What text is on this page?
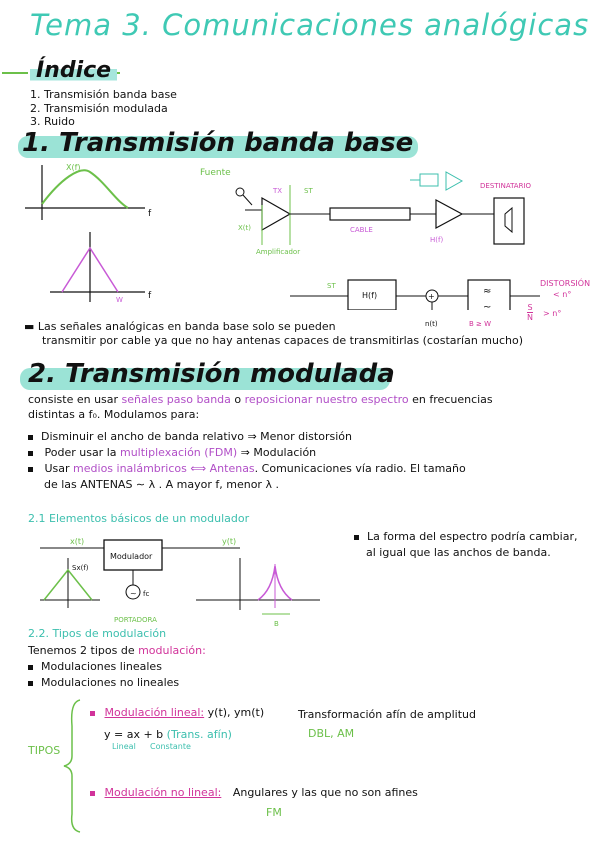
Tema 3. Comunicaciones analógicas
Índice
1. Transmisión banda base
2. Transmisión modulada
3. Ruido
1. Transmisión banda base
X(f)
f
f
W
Fuente
X(t)
TX	ST
Amplificador
CABLE
H(f)
DESTINATARIO
ST
H(f)	+	≈
~
DISTORSIÓN
< n°
S
N > n°
n(t)	B ≥ W
▬ Las señales analógicas en banda base solo se pueden
transmitir por cable ya que no hay antenas capaces de transmitirlas (costarían mucho)
2. Transmisión modulada
consiste en usar señales paso banda o reposicionar nuestro espectro en frecuencias
distintas a f₀. Modulamos para:
Disminuir el ancho de banda relativo ⇒ Menor distorsión
Poder usar la multiplexación (FDM) ⇒ Modulación
Usar medios inalámbricos ⟺ Antenas. Comunicaciones vía radio. El tamaño
de las ANTENAS ∼ λ . A mayor f, menor λ .
2.1 Elementos básicos de un modulador
x(t)
Modulador
y(t)
~ fc
PORTADORA
Sx(f)
B
La forma del espectro podría cambiar,
al igual que las anchos de banda.
2.2. Tipos de modulación
Tenemos 2 tipos de modulación:
Modulaciones lineales
Modulaciones no lineales
TIPOS
Modulación lineal: y(t), ym(t)	Transformación afín de amplitud
y = ax + b (Trans. afín)
Lineal Constante
DBL, AM
Modulación no lineal: Angulares y las que no son afines
FM
